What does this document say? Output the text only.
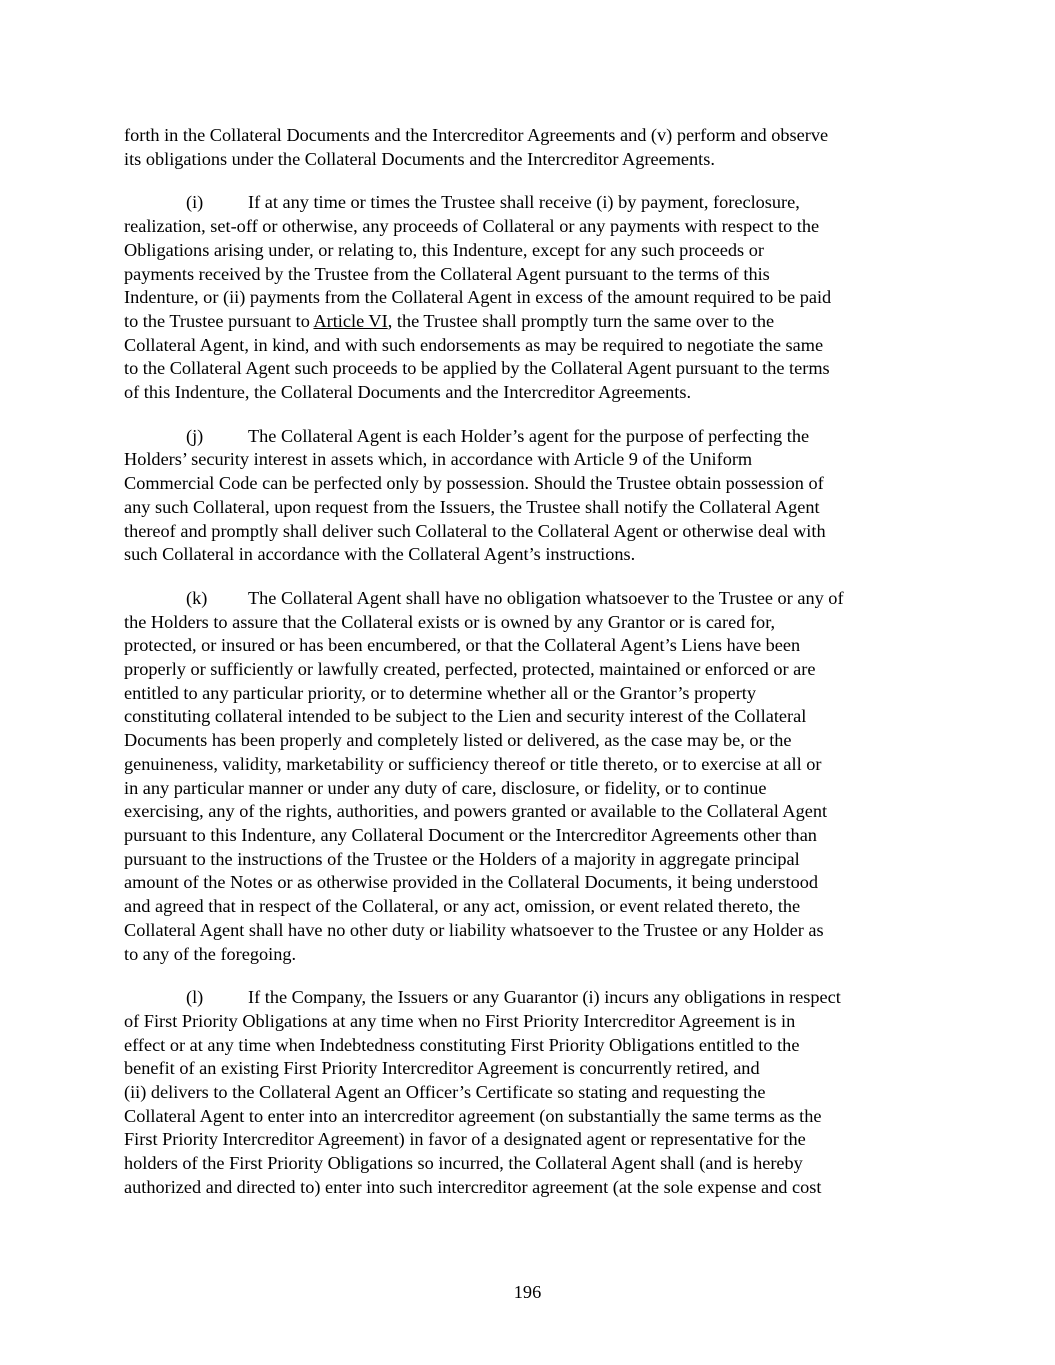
forth in the Collateral Documents and the Intercreditor Agreements and (v) perform and observe
its obligations under the Collateral Documents and the Intercreditor Agreements.

(i) If at any time or times the Trustee shall receive (i) by payment, foreclosure,
realization, set-off or otherwise, any proceeds of Collateral or any payments with respect to the
Obligations arising under, or relating to, this Indenture, except for any such proceeds or
payments received by the Trustee from the Collateral Agent pursuant to the terms of this
Indenture, or (ii) payments from the Collateral Agent in excess of the amount required to be paid
to the Trustee pursuant to Article VI, the Trustee shall promptly turn the same over to the
Collateral Agent, in kind, and with such endorsements as may be required to negotiate the same
to the Collateral Agent such proceeds to be applied by the Collateral Agent pursuant to the terms
of this Indenture, the Collateral Documents and the Intercreditor Agreements.

(j) The Collateral Agent is each Holder’s agent for the purpose of perfecting the
Holders’ security interest in assets which, in accordance with Article 9 of the Uniform
Commercial Code can be perfected only by possession. Should the Trustee obtain possession of
any such Collateral, upon request from the Issuers, the Trustee shall notify the Collateral Agent
thereof and promptly shall deliver such Collateral to the Collateral Agent or otherwise deal with
such Collateral in accordance with the Collateral Agent’s instructions.

(k) The Collateral Agent shall have no obligation whatsoever to the Trustee or any of
the Holders to assure that the Collateral exists or is owned by any Grantor or is cared for,
protected, or insured or has been encumbered, or that the Collateral Agent’s Liens have been
properly or sufficiently or lawfully created, perfected, protected, maintained or enforced or are
entitled to any particular priority, or to determine whether all or the Grantor’s property
constituting collateral intended to be subject to the Lien and security interest of the Collateral
Documents has been properly and completely listed or delivered, as the case may be, or the
genuineness, validity, marketability or sufficiency thereof or title thereto, or to exercise at all or
in any particular manner or under any duty of care, disclosure, or fidelity, or to continue
exercising, any of the rights, authorities, and powers granted or available to the Collateral Agent
pursuant to this Indenture, any Collateral Document or the Intercreditor Agreements other than
pursuant to the instructions of the Trustee or the Holders of a majority in aggregate principal
amount of the Notes or as otherwise provided in the Collateral Documents, it being understood
and agreed that in respect of the Collateral, or any act, omission, or event related thereto, the
Collateral Agent shall have no other duty or liability whatsoever to the Trustee or any Holder as
to any of the foregoing.

(l) If the Company, the Issuers or any Guarantor (i) incurs any obligations in respect
of First Priority Obligations at any time when no First Priority Intercreditor Agreement is in
effect or at any time when Indebtedness constituting First Priority Obligations entitled to the
benefit of an existing First Priority Intercreditor Agreement is concurrently retired, and
(ii) delivers to the Collateral Agent an Officer’s Certificate so stating and requesting the
Collateral Agent to enter into an intercreditor agreement (on substantially the same terms as the
First Priority Intercreditor Agreement) in favor of a designated agent or representative for the
holders of the First Priority Obligations so incurred, the Collateral Agent shall (and is hereby
authorized and directed to) enter into such intercreditor agreement (at the sole expense and cost

196
